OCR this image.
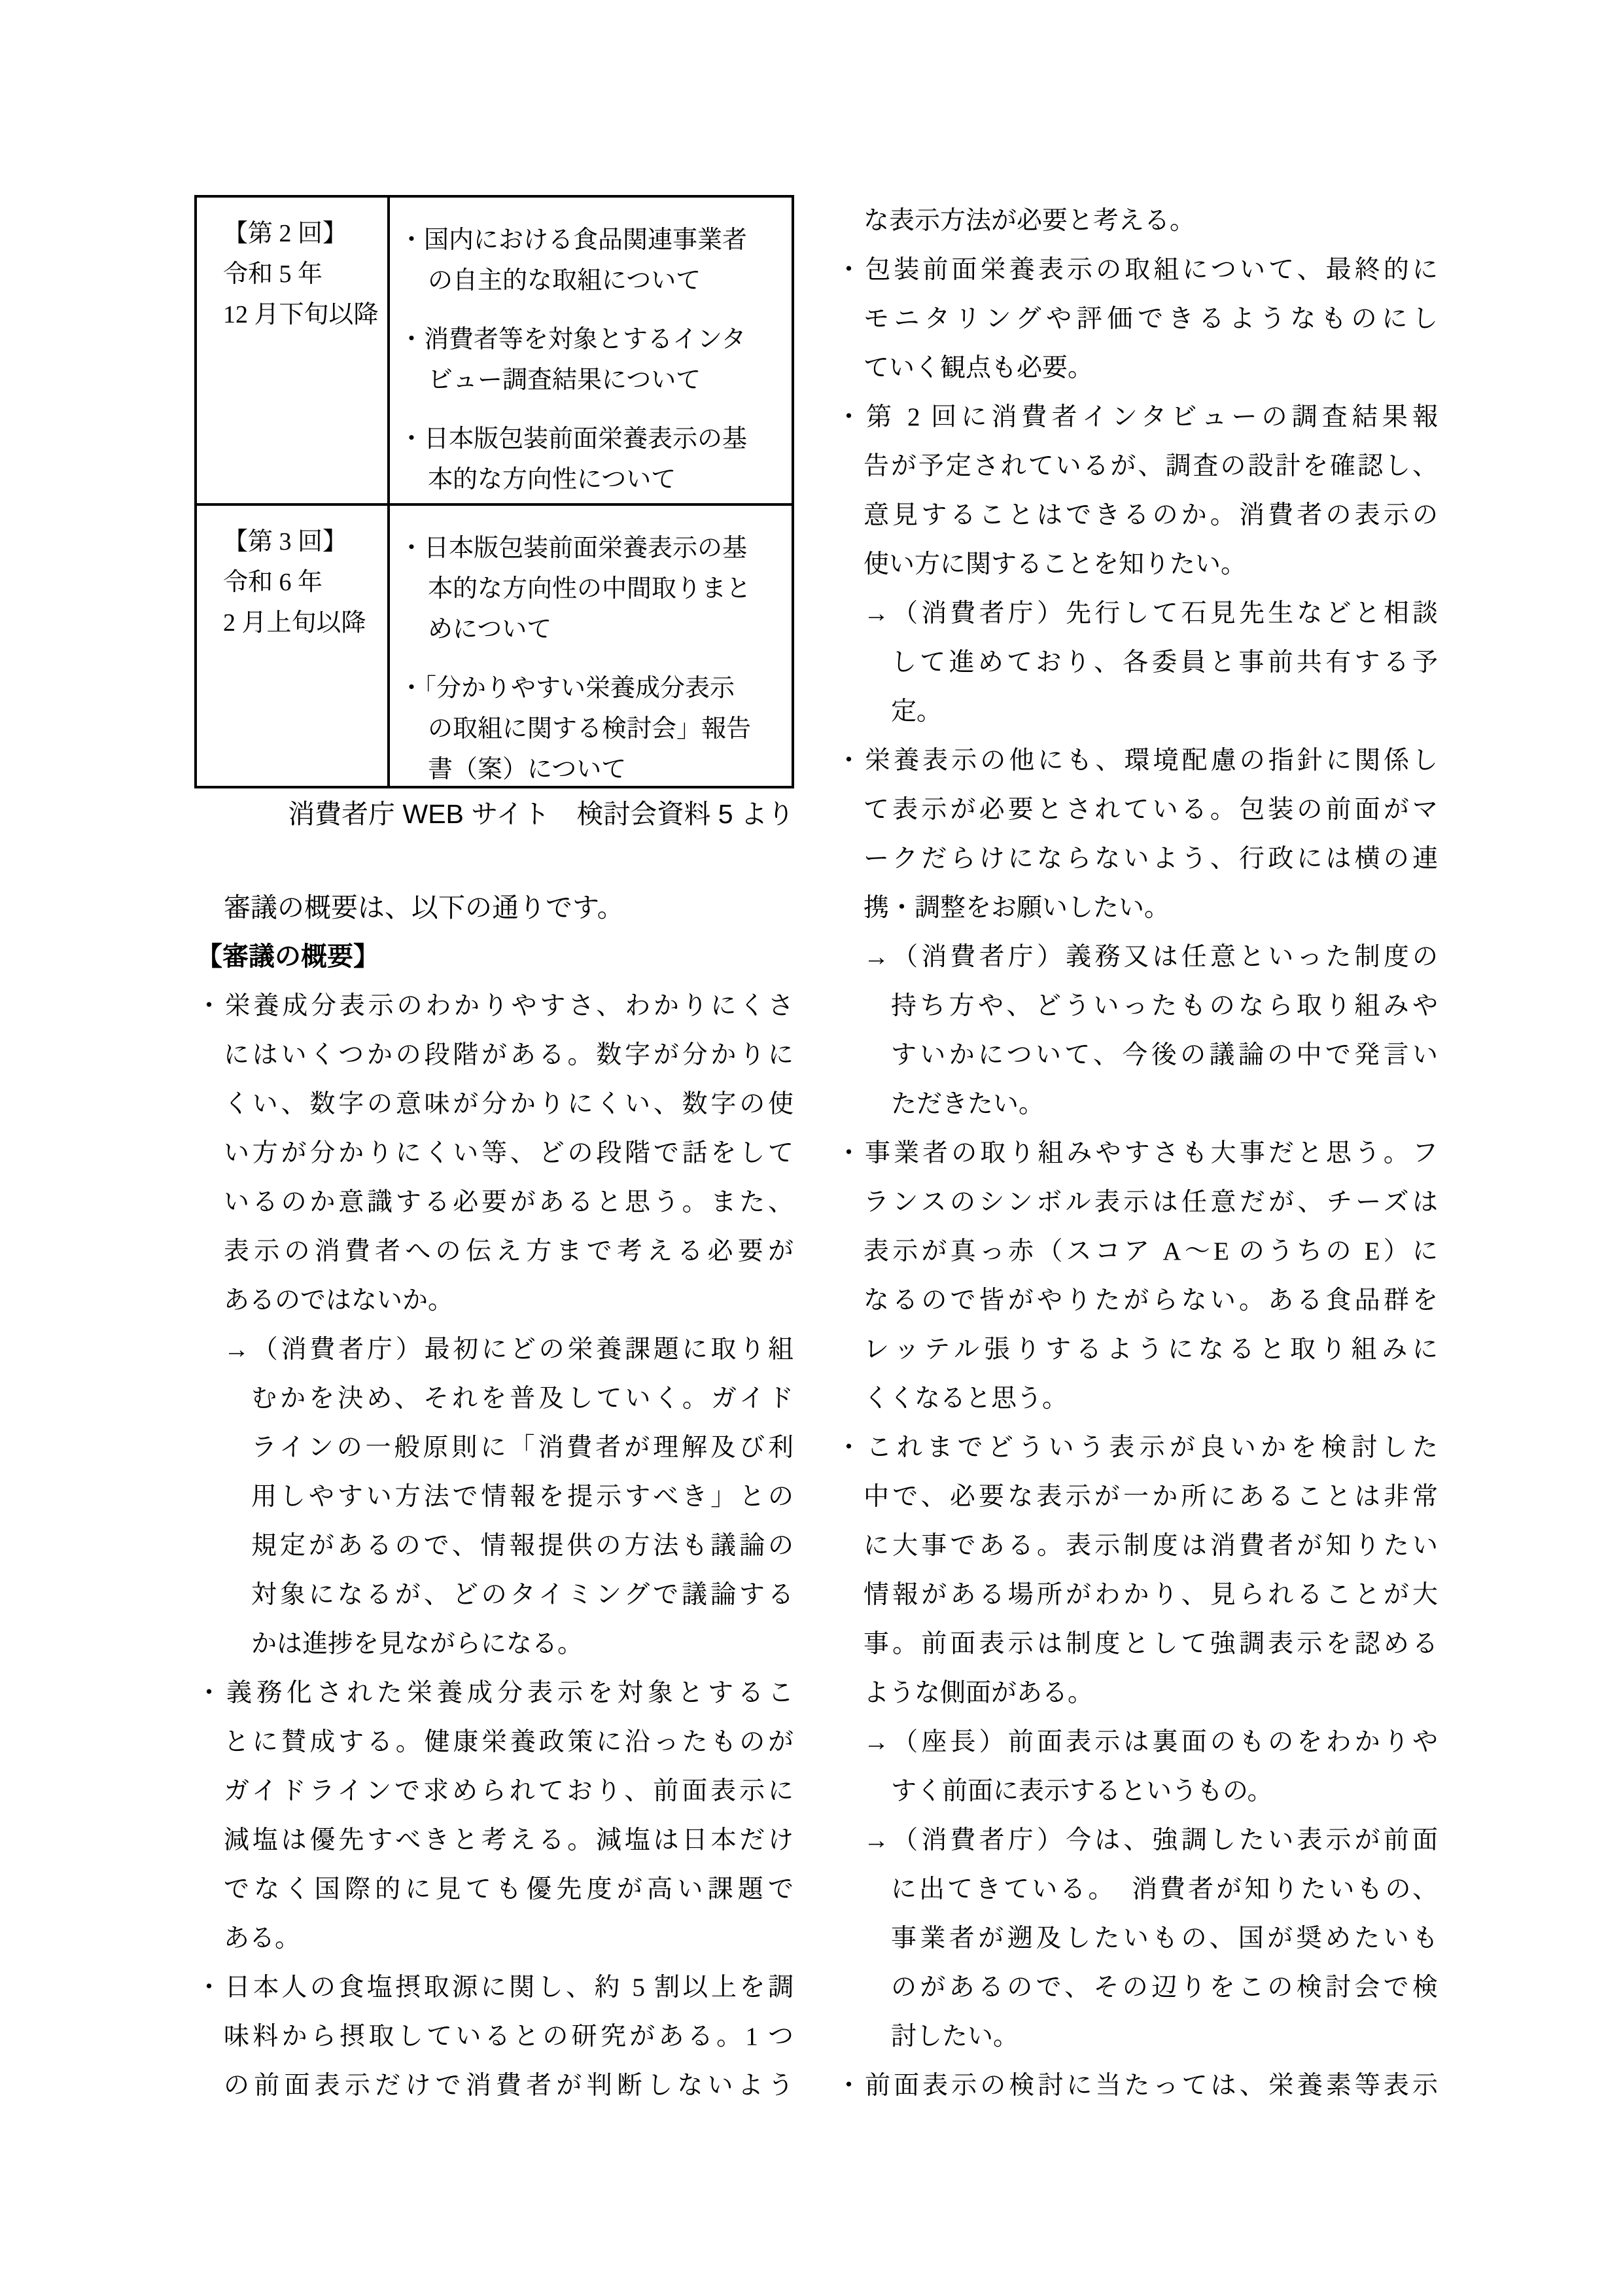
【第 2 回】
令和 5 年
12 月下旬以降
・国内における食品関連事業者
の自主的な取組について
・消費者等を対象とするインタ
ビュー調査結果について
・日本版包装前面栄養表示の基
本的な方向性について
【第 3 回】
令和 6 年
2 月上旬以降
・日本版包装前面栄養表示の基
本的な方向性の中間取りまと
めについて
・「分かりやすい栄養成分表示
の取組に関する検討会」報告
書（案）について
消費者庁 WEB サイト　検討会資料 5 より
審議の概要は、以下の通りです。
【審議の概要】
・栄養成分表示のわかりやすさ、わかりにくさ
にはいくつかの段階がある。数字が分かりに
くい、数字の意味が分かりにくい、数字の使
い方が分かりにくい等、どの段階で話をして
いるのか意識する必要があると思う。また、
表示の消費者への伝え方まで考える必要が
あるのではないか。
→（消費者庁）最初にどの栄養課題に取り組
むかを決め、それを普及していく。ガイド
ラインの一般原則に「消費者が理解及び利
用しやすい方法で情報を提示すべき」との
規定があるので、情報提供の方法も議論の
対象になるが、どのタイミングで議論する
かは進捗を見ながらになる。
・義務化された栄養成分表示を対象とするこ
とに賛成する。健康栄養政策に沿ったものが
ガイドラインで求められており、前面表示に
減塩は優先すべきと考える。減塩は日本だけ
でなく国際的に見ても優先度が高い課題で
ある。
・日本人の食塩摂取源に関し、約 5 割以上を調
味料から摂取しているとの研究がある。1 つ
の前面表示だけで消費者が判断しないよう
な表示方法が必要と考える。
・包装前面栄養表示の取組について、最終的に
モニタリングや評価できるようなものにし
ていく観点も必要。
・第 2 回に消費者インタビューの調査結果報
告が予定されているが、調査の設計を確認し、
意見することはできるのか。消費者の表示の
使い方に関することを知りたい。
→（消費者庁）先行して石見先生などと相談
して進めており、各委員と事前共有する予
定。
・栄養表示の他にも、環境配慮の指針に関係し
て表示が必要とされている。包装の前面がマ
ークだらけにならないよう、行政には横の連
携・調整をお願いしたい。
→（消費者庁）義務又は任意といった制度の
持ち方や、どういったものなら取り組みや
すいかについて、今後の議論の中で発言い
ただきたい。
・事業者の取り組みやすさも大事だと思う。フ
ランスのシンボル表示は任意だが、チーズは
表示が真っ赤（スコア A～E のうちの E）に
なるので皆がやりたがらない。ある食品群を
レッテル張りするようになると取り組みに
くくなると思う。
・これまでどういう表示が良いかを検討した
中で、必要な表示が一か所にあることは非常
に大事である。表示制度は消費者が知りたい
情報がある場所がわかり、見られることが大
事。前面表示は制度として強調表示を認める
ような側面がある。
→（座長）前面表示は裏面のものをわかりや
すく前面に表示するというもの。
→（消費者庁）今は、強調したい表示が前面
に出てきている。　消費者が知りたいもの、
事業者が遡及したいもの、国が奨めたいも
のがあるので、その辺りをこの検討会で検
討したい。
・前面表示の検討に当たっては、栄養素等表示
